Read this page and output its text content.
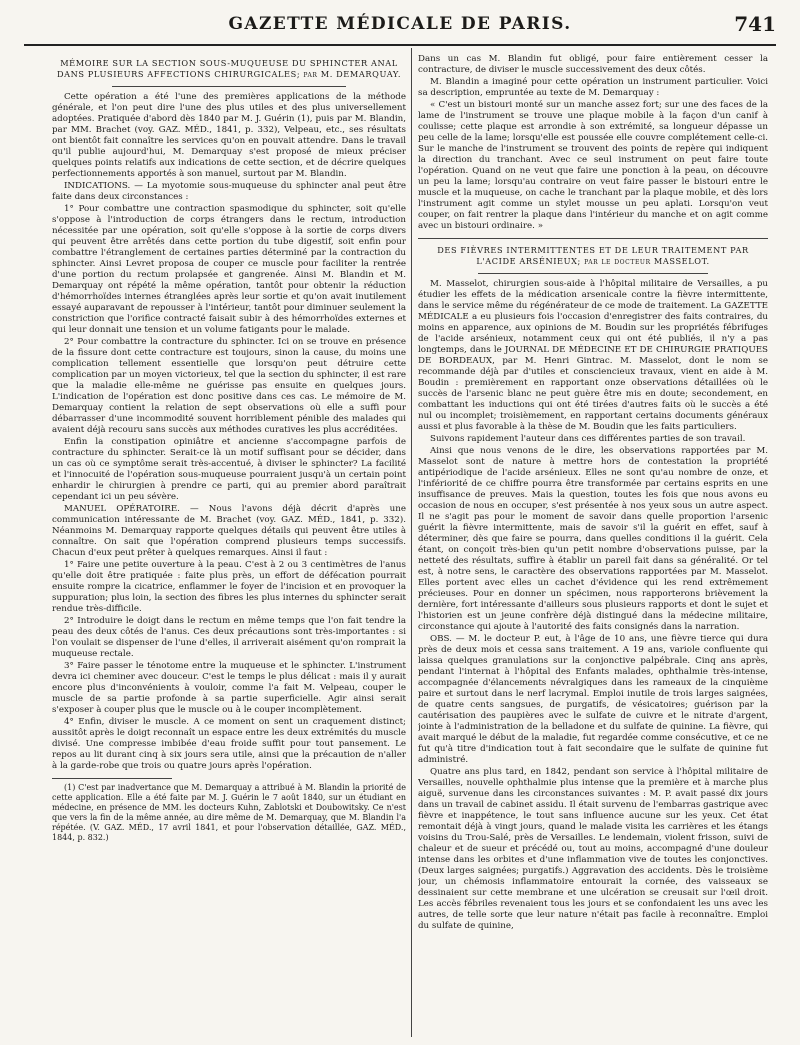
GAZETTE MÉDICALE DE PARIS.	741
MÉMOIRE SUR LA SECTION SOUS-MUQUEUSE DU SPHINCTER ANAL DANS PLUSIEURS AFFECTIONS CHIRURGICALES; par M. DEMARQUAY.

Cette opération a été l'une des premières applications de la méthode générale, et l'on peut dire l'une des plus utiles et des plus universellement adoptées. Pratiquée d'abord dès 1840 par M. J. Guérin (1), puis par M. Blandin, par MM. Brachet (voy. GAZ. MÉD., 1841, p. 332), Velpeau, etc., ses résultats ont bientôt fait connaître les services qu'on en pouvait attendre. Dans le travail qu'il publie aujourd'hui, M. Demarquay s'est proposé de mieux préciser quelques points relatifs aux indications de cette section, et de décrire quelques perfectionnements apportés à son manuel, surtout par M. Blandin.

INDICATIONS. — La myotomie sous-muqueuse du sphincter anal peut être faite dans deux circonstances :

1° Pour combattre une contraction spasmodique du sphincter, soit qu'elle s'oppose à l'introduction de corps étrangers dans le rectum, introduction nécessitée par une opération, soit qu'elle s'oppose à la sortie de corps divers qui peuvent être arrêtés dans cette portion du tube digestif, soit enfin pour combattre l'étranglement de certaines parties déterminé par la contraction du sphincter. Ainsi Levret proposa de couper ce muscle pour faciliter la rentrée d'une portion du rectum prolapsée et gangrenée. Ainsi M. Blandin et M. Demarquay ont répété la même opération, tantôt pour obtenir la réduction d'hémorrhoïdes internes étranglées après leur sortie et qu'on avait inutilement essayé auparavant de repousser à l'intérieur, tantôt pour diminuer seulement la constriction que l'orifice contracté faisait subir à des hémorrhoïdes externes et qui leur donnait une tension et un volume fatigants pour le malade.

2° Pour combattre la contracture du sphincter. Ici on se trouve en présence de la fissure dont cette contracture est toujours, sinon la cause, du moins une complication tellement essentielle que lorsqu'on peut détruire cette complication par un moyen victorieux, tel que la section du sphincter, il est rare que la maladie elle-même ne guérisse pas ensuite en quelques jours. L'indication de l'opération est donc positive dans ces cas. Le mémoire de M. Demarquay contient la relation de sept observations où elle a suffi pour débarrasser d'une incommodité souvent horriblement pénible des malades qui avaient déjà recouru sans succès aux méthodes curatives les plus accréditées.

Enfin la constipation opiniâtre et ancienne s'accompagne parfois de contracture du sphincter. Serait-ce là un motif suffisant pour se décider, dans un cas où ce symptôme serait très-accentué, à diviser le sphincter? La facilité et l'innocuité de l'opération sous-muqueuse pourraient jusqu'à un certain point enhardir le chirurgien à prendre ce parti, qui au premier abord paraîtrait cependant ici un peu sévère.

MANUEL OPÉRATOIRE. — Nous l'avons déjà décrit d'après une communication intéressante de M. Brachet (voy. GAZ. MÉD., 1841, p. 332). Néanmoins M. Demarquay rapporte quelques détails qui peuvent être utiles à connaître. On sait que l'opération comprend plusieurs temps successifs. Chacun d'eux peut prêter à quelques remarques. Ainsi il faut :

1° Faire une petite ouverture à la peau. C'est à 2 ou 3 centimètres de l'anus qu'elle doit être pratiquée : faite plus près, un effort de défécation pourrait ensuite rompre la cicatrice, enflammer le foyer de l'incision et en provoquer la suppuration; plus loin, la section des fibres les plus internes du sphincter serait rendue très-difficile.

2° Introduire le doigt dans le rectum en même temps que l'on fait tendre la peau des deux côtés de l'anus. Ces deux précautions sont très-importantes : si l'on voulait se dispenser de l'une d'elles, il arriverait aisément qu'on romprait la muqueuse rectale.

3° Faire passer le ténotome entre la muqueuse et le sphincter. L'instrument devra ici cheminer avec douceur. C'est le temps le plus délicat : mais il y aurait encore plus d'inconvénients à vouloir, comme l'a fait M. Velpeau, couper le muscle de sa partie profonde à sa partie superficielle. Agir ainsi serait s'exposer à couper plus que le muscle ou à le couper incomplètement.

4° Enfin, diviser le muscle. A ce moment on sent un craquement distinct; aussitôt après le doigt reconnaît un espace entre les deux extrémités du muscle divisé. Une compresse imbibée d'eau froide suffit pour tout pansement. Le repos au lit durant cinq à six jours sera utile, ainsi que la précaution de n'aller à la garde-robe que trois ou quatre jours après l'opération.

(1) C'est par inadvertance que M. Demarquay a attribué à M. Blandin la priorité de cette application. Elle a été faite par M. J. Guérin le 7 août 1840, sur un étudiant en médecine, en présence de MM. les docteurs Kuhn, Zablotski et Doubowitsky. Ce n'est que vers la fin de la même année, au dire même de M. Demarquay, que M. Blandin l'a répétée. (V. GAZ. MÉD., 17 avril 1841, et pour l'observation détaillée, GAZ. MÉD., 1844, p. 832.)

Dans un cas M. Blandin fut obligé, pour faire entièrement cesser la contracture, de diviser le muscle successivement des deux côtés.

M. Blandin a imaginé pour cette opération un instrument particulier. Voici sa description, empruntée au texte de M. Demarquay :

« C'est un bistouri monté sur un manche assez fort; sur une des faces de la lame de l'instrument se trouve une plaque mobile à la façon d'un canif à coulisse; cette plaque est arrondie à son extrémité, sa longueur dépasse un peu celle de la lame; lorsqu'elle est poussée elle couvre complétement celle-ci. Sur le manche de l'instrument se trouvent des points de repère qui indiquent la direction du tranchant. Avec ce seul instrument on peut faire toute l'opération. Quand on ne veut que faire une ponction à la peau, on découvre un peu la lame; lorsqu'au contraire on veut faire passer le bistouri entre le muscle et la muqueuse, on cache le tranchant par la plaque mobile, et dès lors l'instrument agit comme un stylet mousse un peu aplati. Lorsqu'on veut couper, on fait rentrer la plaque dans l'intérieur du manche et on agit comme avec un bistouri ordinaire. »

DES FIÈVRES INTERMITTENTES ET DE LEUR TRAITEMENT PAR L'ACIDE ARSÉNIEUX; par le docteur MASSELOT.

M. Masselot, chirurgien sous-aide à l'hôpital militaire de Versailles, a pu étudier les effets de la médication arsenicale contre la fièvre intermittente, dans le service même du régénérateur de ce mode de traitement. La GAZETTE MÉDICALE a eu plusieurs fois l'occasion d'enregistrer des faits contraires, du moins en apparence, aux opinions de M. Boudin sur les propriétés fébrifuges de l'acide arsénieux, notamment ceux qui ont été publiés, il n'y a pas longtemps, dans le JOURNAL DE MÉDECINE ET DE CHIRURGIE PRATIQUES DE BORDEAUX, par M. Henri Gintrac. M. Masselot, dont le nom se recommande déjà par d'utiles et consciencieux travaux, vient en aide à M. Boudin : premièrement en rapportant onze observations détaillées où le succès de l'arsenic blanc ne peut guère être mis en doute; secondement, en combattant les inductions qui ont été tirées d'autres faits où le succès a été nul ou incomplet; troisièmement, en rapportant certains documents généraux aussi et plus favorable à la thèse de M. Boudin que les faits particuliers.

Suivons rapidement l'auteur dans ces différentes parties de son travail.

Ainsi que nous venons de le dire, les observations rapportées par M. Masselot sont de nature à mettre hors de contestation la propriété antipériodique de l'acide arsénieux. Elles ne sont qu'au nombre de onze, et l'infériorité de ce chiffre pourra être transformée par certains esprits en une insuffisance de preuves. Mais la question, toutes les fois que nous avons eu occasion de nous en occuper, s'est présentée à nos yeux sous un autre aspect. Il ne s'agit pas pour le moment de savoir dans quelle proportion l'arsenic guérit la fièvre intermittente, mais de savoir s'il la guérit en effet, sauf à déterminer, dès que faire se pourra, dans quelles conditions il la guérit. Cela étant, on conçoit très-bien qu'un petit nombre d'observations puisse, par la netteté des résultats, suffire à établir un pareil fait dans sa généralité. Or tel est, à notre sens, le caractère des observations rapportées par M. Masselot. Elles portent avec elles un cachet d'évidence qui les rend extrêmement précieuses. Pour en donner un spécimen, nous rapporterons brièvement la dernière, fort intéressante d'ailleurs sous plusieurs rapports et dont le sujet et l'historien est un jeune confrère déjà distingué dans la médecine militaire, circonstance qui ajoute à l'autorité des faits consignés dans la narration.

OBS. — M. le docteur P. eut, à l'âge de 10 ans, une fièvre tierce qui dura près de deux mois et cessa sans traitement. A 19 ans, variole confluente qui laissa quelques granulations sur la conjonctive palpébrale. Cinq ans après, pendant l'internat à l'hôpital des Enfants malades, ophthalmie très-intense, accompagnée d'élancements névralgiques dans les rameaux de la cinquième paire et surtout dans le nerf lacrymal. Emploi inutile de trois larges saignées, de quatre cents sangsues, de purgatifs, de vésicatoires; guérison par la cautérisation des paupières avec le sulfate de cuivre et le nitrate d'argent, jointe à l'administration de la belladone et du sulfate de quinine. La fièvre, qui avait marqué le début de la maladie, fut regardée comme consécutive, et ce ne fut qu'à titre d'indication tout à fait secondaire que le sulfate de quinine fut administré.

Quatre ans plus tard, en 1842, pendant son service à l'hôpital militaire de Versailles, nouvelle ophthalmie plus intense que la première et à marche plus aiguë, survenue dans les circonstances suivantes : M. P. avait passé dix jours dans un travail de cabinet assidu. Il était survenu de l'embarras gastrique avec fièvre et inappétence, le tout sans influence aucune sur les yeux. Cet état remontait déjà à vingt jours, quand le malade visita les carrières et les étangs voisins du Trou-Salé, près de Versailles. Le lendemain, violent frisson, suivi de chaleur et de sueur et précédé ou, tout au moins, accompagné d'une douleur intense dans les orbites et d'une inflammation vive de toutes les conjonctives. (Deux larges saignées; purgatifs.) Aggravation des accidents. Dès le troisième jour, un chémosis inflammatoire entourait la cornée, des vaisseaux se dessinaient sur cette membrane et une ulcération se creusait sur l'œil droit. Les accès fébriles revenaient tous les jours et se confondaient les uns avec les autres, de telle sorte que leur nature n'était pas facile à reconnaître. Emploi du sulfate de quinine,
